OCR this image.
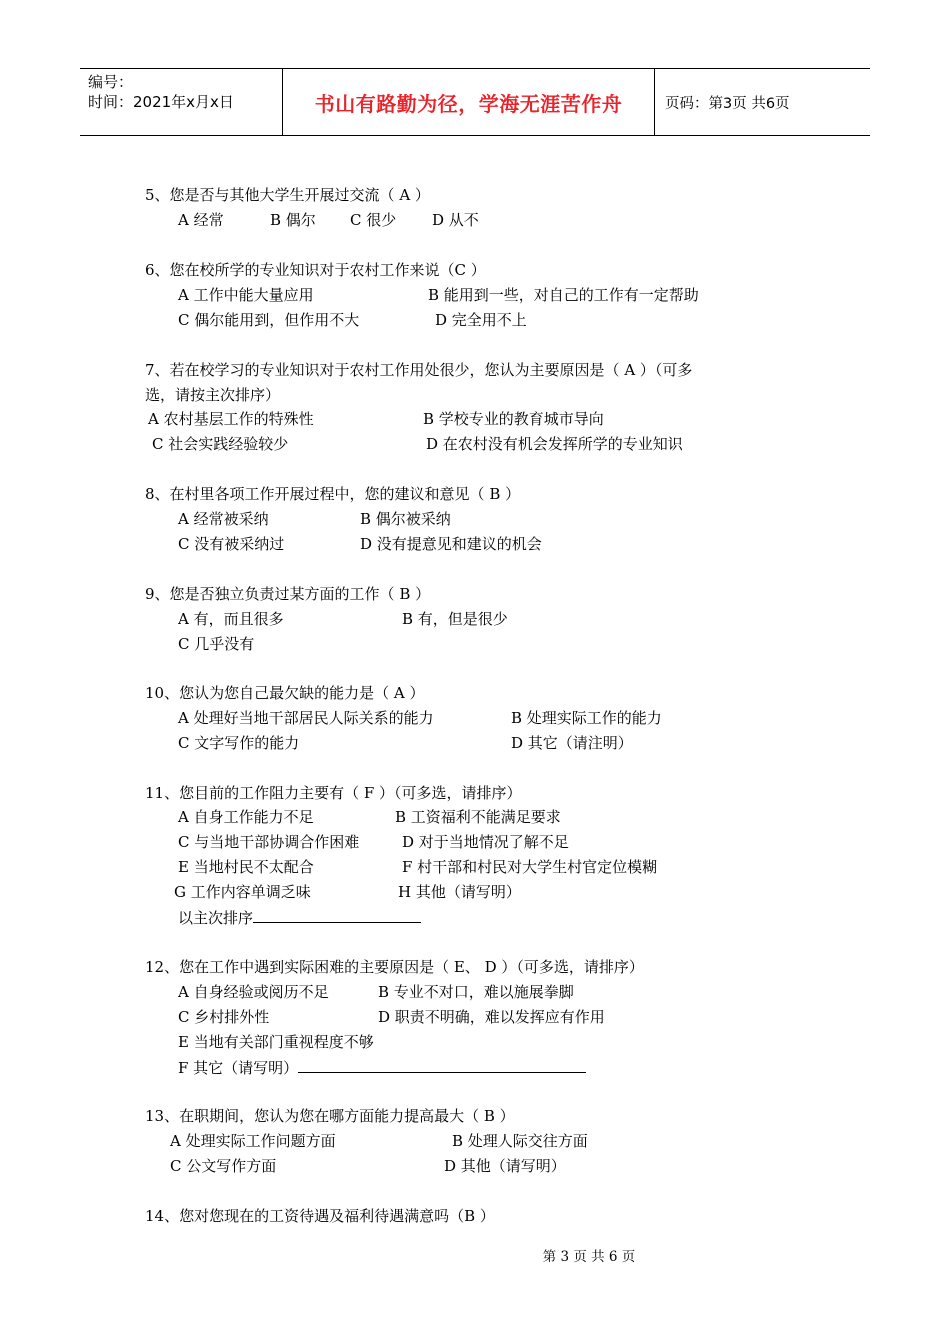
编号：
时间：2021年x月x日	书山有路勤为径，学海无涯苦作舟	页码：第3页 共6页
5、您是否与其他大学生开展过交流（ A ）
A 经常	B 偶尔 C 很少 D 从不
6、您在校所学的专业知识对于农村工作来说（C ）
A 工作中能大量应用	B 能用到一些，对自己的工作有一定帮助
C 偶尔能用到，但作用不大	D 完全用不上
7、若在校学习的专业知识对于农村工作用处很少，您认为主要原因是（ A ）（可多
选，请按主次排序）
A 农村基层工作的特殊性	B 学校专业的教育城市导向
C 社会实践经验较少	D 在农村没有机会发挥所学的专业知识
8、在村里各项工作开展过程中，您的建议和意见（ B ）
A 经常被采纳	B 偶尔被采纳
C 没有被采纳过	D 没有提意见和建议的机会
9、您是否独立负责过某方面的工作（ B ）
A 有，而且很多	B 有，但是很少
C 几乎没有
10、您认为您自己最欠缺的能力是（ A ）
A 处理好当地干部居民人际关系的能力	B 处理实际工作的能力
C 文字写作的能力	D 其它（请注明）
11、您目前的工作阻力主要有（ F ）（可多选，请排序）
A 自身工作能力不足	B 工资福利不能满足要求
C 与当地干部协调合作困难	D 对于当地情况了解不足
E 当地村民不太配合	F 村干部和村民对大学生村官定位模糊
G 工作内容单调乏味	H 其他（请写明）
以主次排序
12、您在工作中遇到实际困难的主要原因是（ E、 D ）（可多选，请排序）
A 自身经验或阅历不足	B 专业不对口，难以施展拳脚
C 乡村排外性	D 职责不明确，难以发挥应有作用
E 当地有关部门重视程度不够
F 其它（请写明）
13、在职期间，您认为您在哪方面能力提高最大（ B ）
A 处理实际工作问题方面	B 处理人际交往方面
C 公文写作方面	D 其他（请写明）
14、您对您现在的工资待遇及福利待遇满意吗（B ）
第 3 页 共 6 页
